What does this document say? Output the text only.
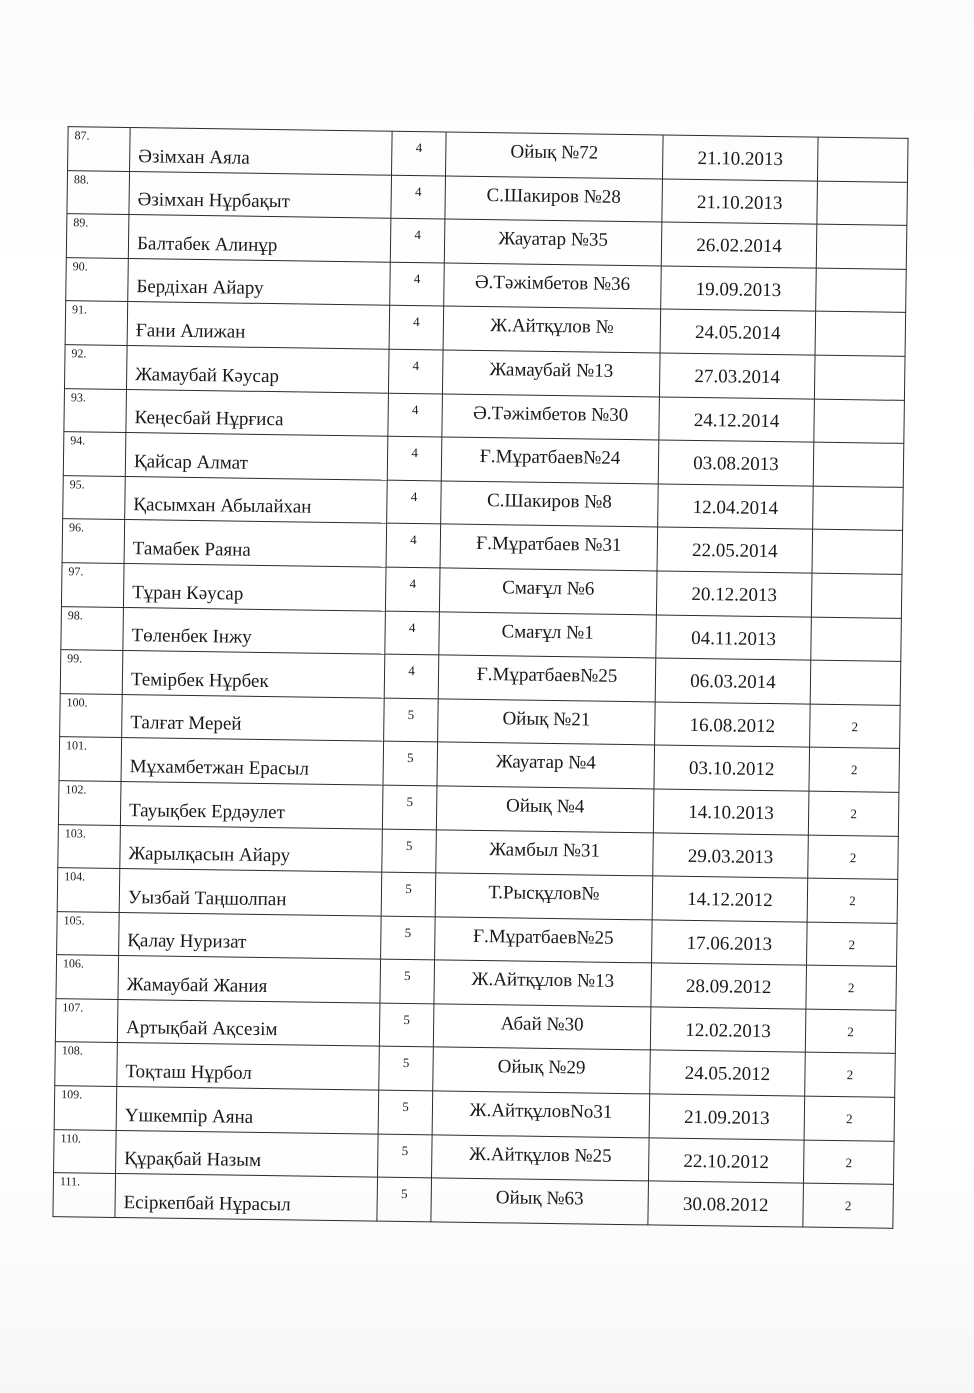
87.	Әзімхан Аяла	4	Ойық №72	21.10.2013	
88.	Әзімхан Нұрбақыт	4	С.Шакиров №28	21.10.2013	
89.	Балтабек Алинұр	4	Жауатар №35	26.02.2014	
90.	Бердіхан Айару	4	Ә.Тәжімбетов №36	19.09.2013	
91.	Ғани Алижан	4	Ж.Айтқұлов №	24.05.2014	
92.	Жамаубай Кәусар	4	Жамаубай №13	27.03.2014	
93.	Кеңесбай Нұрғиса	4	Ә.Тәжімбетов №30	24.12.2014	
94.	Қайсар Алмат	4	Ғ.Мұратбаев№24	03.08.2013	
95.	Қасымхан Абылайхан	4	С.Шакиров №8	12.04.2014	
96.	Тамабек Раяна	4	Ғ.Мұратбаев №31	22.05.2014	
97.	Тұран Кәусар	4	Смағұл №6	20.12.2013	
98.	Төленбек Інжу	4	Смағұл №1	04.11.2013	
99.	Темірбек Нұрбек	4	Ғ.Мұратбаев№25	06.03.2014	
100.	Талғат Мерей	5	Ойық №21	16.08.2012	2
101.	Мұхамбетжан Ерасыл	5	Жауатар №4	03.10.2012	2
102.	Тауықбек Ердәулет	5	Ойық №4	14.10.2013	2
103.	Жарылқасын Айару	5	Жамбыл №31	29.03.2013	2
104.	Уызбай Таңшолпан	5	Т.Рысқұлов№	14.12.2012	2
105.	Қалау Нуризат	5	Ғ.Мұратбаев№25	17.06.2013	2
106.	Жамаубай Жания	5	Ж.Айтқұлов №13	28.09.2012	2
107.	Артықбай Ақсезім	5	Абай №30	12.02.2013	2
108.	Тоқташ Нұрбол	5	Ойық №29	24.05.2012	2
109.	Үшкемпір Аяна	5	Ж.АйтқұловNo31	21.09.2013	2
110.	Құрақбай Назым	5	Ж.Айтқұлов №25	22.10.2012	2
111.	Есіркепбай Нұрасыл	5	Ойық №63	30.08.2012	2
